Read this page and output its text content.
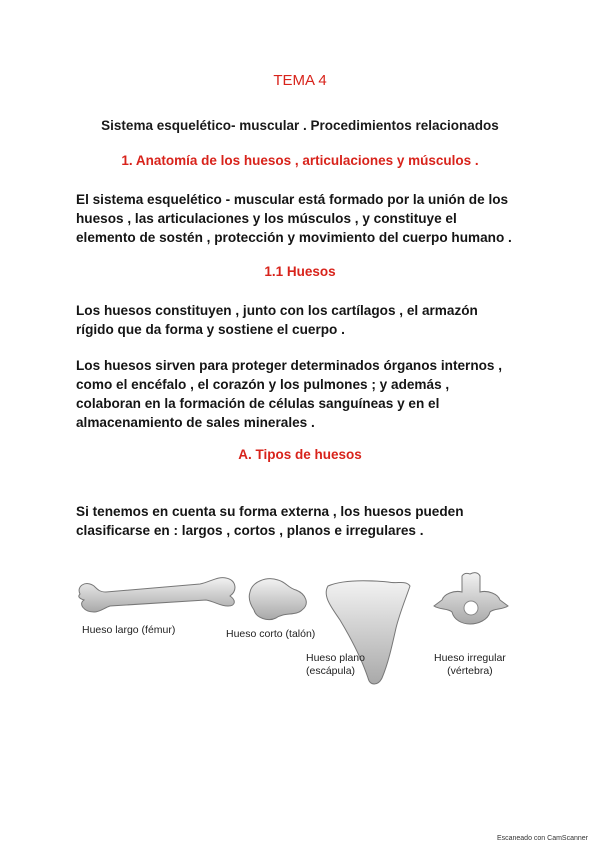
TEMA 4
Sistema esquelético- muscular . Procedimientos relacionados
1. Anatomía de los huesos , articulaciones y músculos .

El sistema esquelético - muscular está formado por la unión de los

huesos , las articulaciones y los músculos , y constituye el

elemento de sostén , protección y movimiento del cuerpo humano .

1.1 Huesos

Los huesos constituyen , junto con los cartílagos , el armazón

rígido que da forma y sostiene el cuerpo .

Los huesos sirven para proteger determinados órganos internos ,

como el encéfalo , el corazón y los pulmones ; y además ,

colaboran en la formación de células sanguíneas y en el

almacenamiento de sales minerales .

A. Tipos de huesos

Si tenemos en cuenta su forma externa , los huesos pueden

clasificarse en : largos , cortos , planos e irregulares .

Hueso largo (fémur)	Hueso corto (talón)
Hueso plano
(escápula)
Hueso irregular
(vértebra)
Escaneado con CamScanner
